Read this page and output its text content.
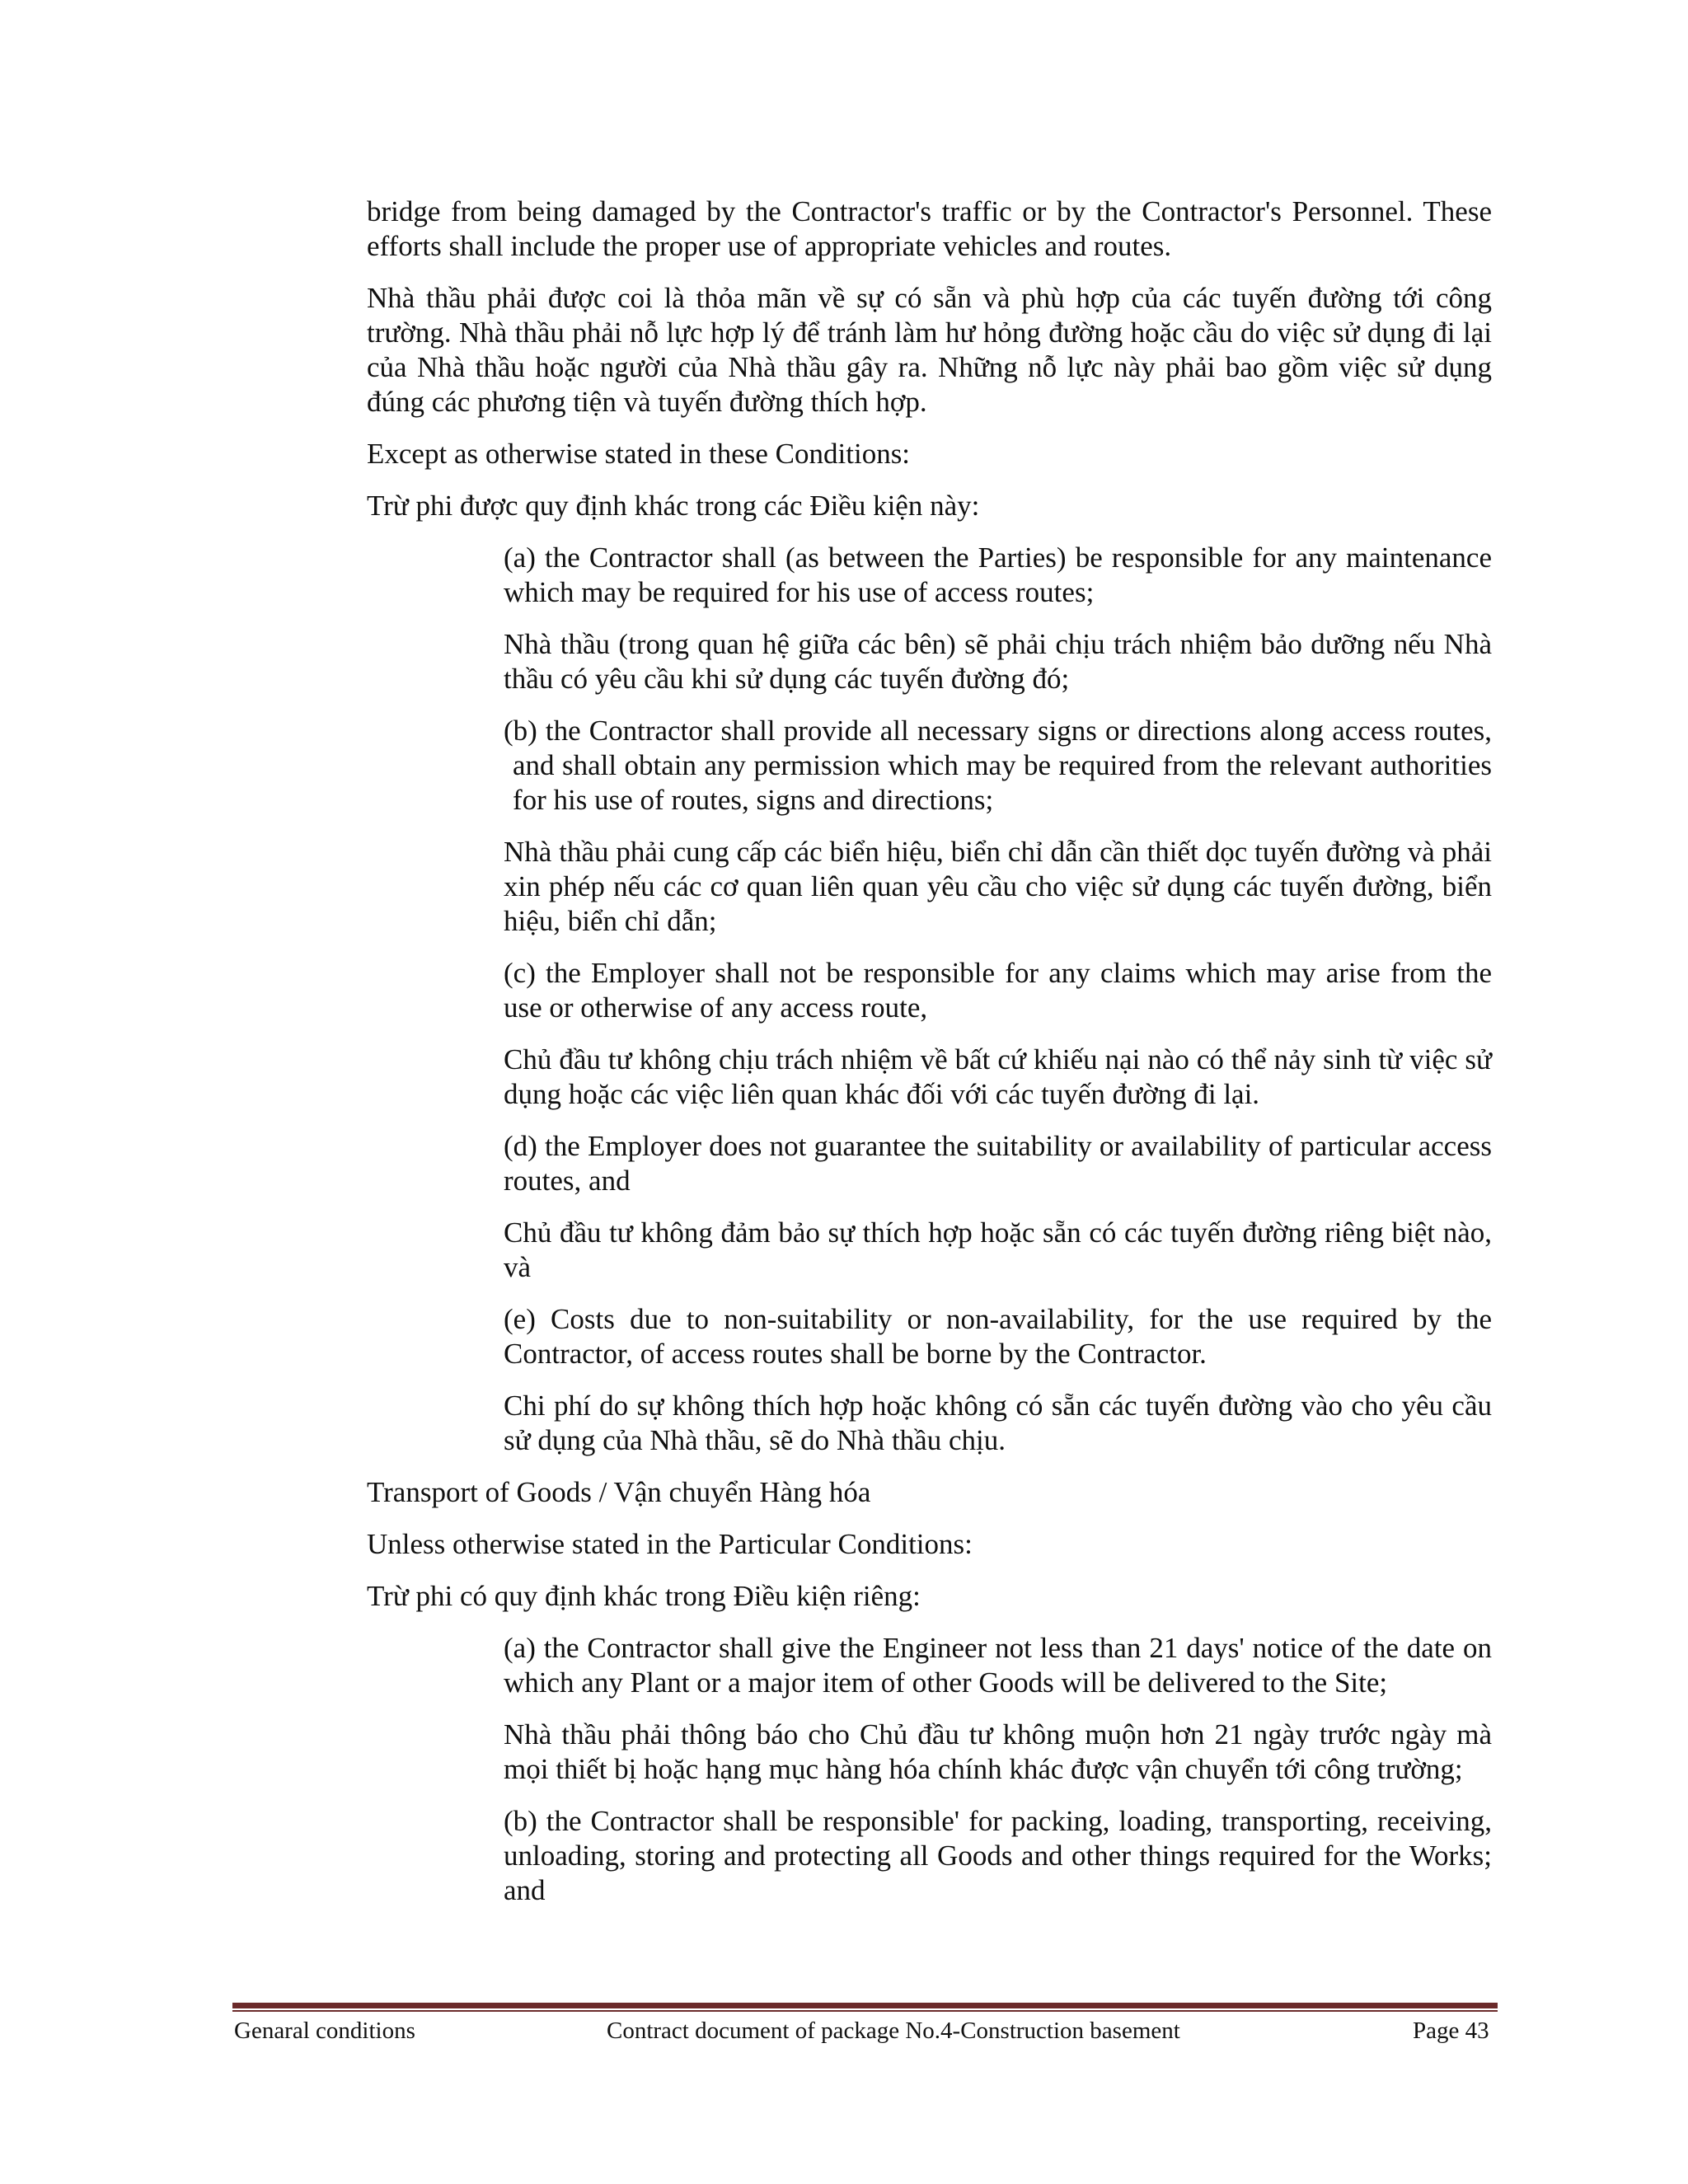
bridge from being damaged by the Contractor's traffic or by the Contractor's Personnel. These efforts shall include the proper use of appropriate vehicles and routes.

Nhà thầu phải được coi là thỏa mãn về sự có sẵn và phù hợp của các tuyến đường tới công trường. Nhà thầu phải nỗ lực hợp lý để tránh làm hư hỏng đường hoặc cầu do việc sử dụng đi lại của Nhà thầu hoặc người của Nhà thầu gây ra. Những nỗ lực này phải bao gồm việc sử dụng đúng các phương tiện và tuyến đường thích hợp.

Except as otherwise stated in these Conditions:

Trừ phi được quy định khác trong các Điều kiện này:

(a) the Contractor shall (as between the Parties) be responsible for any maintenance which may be required for his use of access routes;

Nhà thầu (trong quan hệ giữa các bên) sẽ phải chịu trách nhiệm bảo dưỡng nếu Nhà thầu có yêu cầu khi sử dụng các tuyến đường đó;

(b) the Contractor shall provide all necessary signs or directions along access routes, and shall obtain any permission which may be required from the relevant authorities for his use of routes, signs and directions;

Nhà thầu phải cung cấp các biển hiệu, biển chỉ dẫn cần thiết dọc tuyến đường và phải xin phép nếu các cơ quan liên quan yêu cầu cho việc sử dụng các tuyến đường, biển hiệu, biển chỉ dẫn;

(c) the Employer shall not be responsible for any claims which may arise from the use or otherwise of any access route,

Chủ đầu tư không chịu trách nhiệm về bất cứ khiếu nại nào có thể nảy sinh từ việc sử dụng hoặc các việc liên quan khác đối với các tuyến đường đi lại.

(d) the Employer does not guarantee the suitability or availability of particular access routes, and

Chủ đầu tư không đảm bảo sự thích hợp hoặc sẵn có các tuyến đường riêng biệt nào, và

(e) Costs due to non-suitability or non-availability, for the use required by the Contractor, of access routes shall be borne by the Contractor.

Chi phí do sự không thích hợp hoặc không có sẵn các tuyến đường vào cho yêu cầu sử dụng của Nhà thầu, sẽ do Nhà thầu chịu.

Transport of Goods / Vận chuyển Hàng hóa

Unless otherwise stated in the Particular Conditions:

Trừ phi có quy định khác trong Điều kiện riêng:

(a) the Contractor shall give the Engineer not less than 21 days' notice of the date on which any Plant or a major item of other Goods will be delivered to the Site;

Nhà thầu phải thông báo cho Chủ đầu tư không muộn hơn 21 ngày trước ngày mà mọi thiết bị hoặc hạng mục hàng hóa chính khác được vận chuyển tới công trường;

(b) the Contractor shall be responsible' for packing, loading, transporting, receiving, unloading, storing and protecting all Goods and other things required for the Works; and

Genaral conditions	Contract document of package No.4-Construction basement	Page 43
